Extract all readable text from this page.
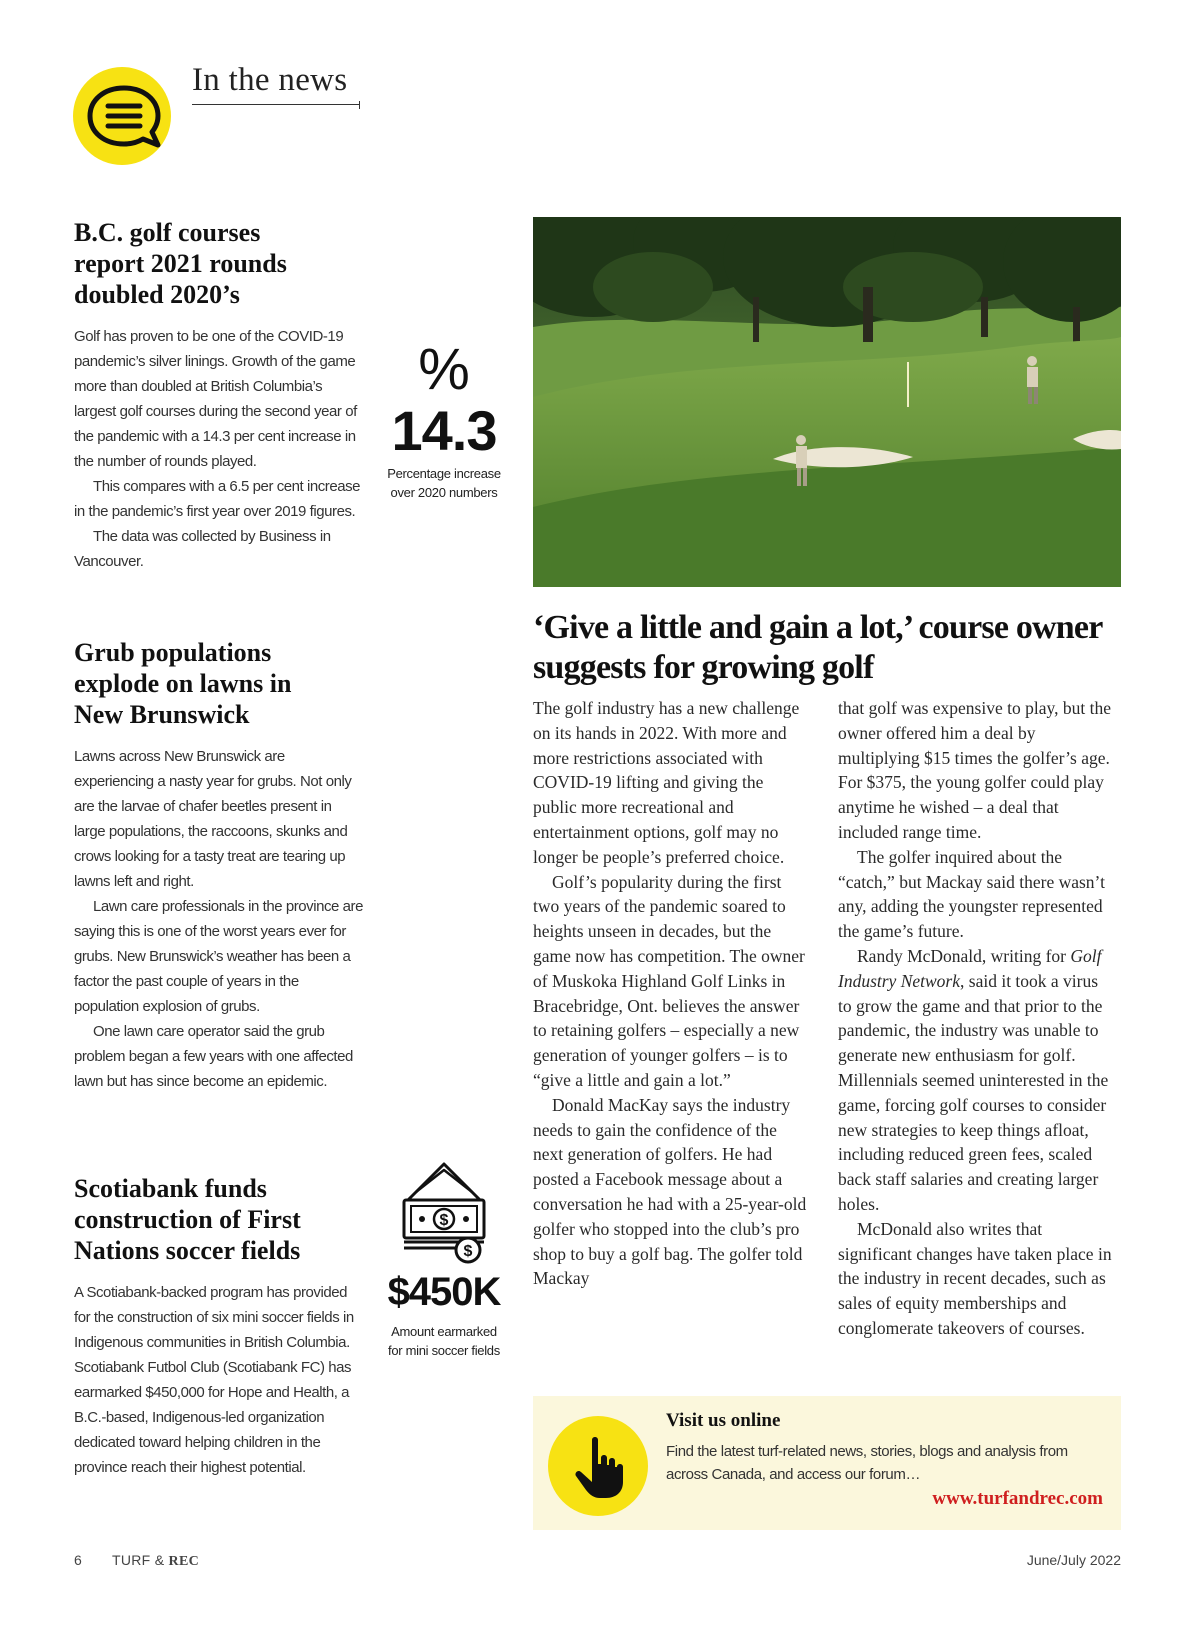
In the news
B.C. golf courses report 2021 rounds doubled 2020’s

Golf has proven to be one of the COVID-19 pandemic’s silver linings. Growth of the game more than doubled at British Columbia’s largest golf courses during the second year of the pandemic with a 14.3 per cent increase in the number of rounds played.

This compares with a 6.5 per cent increase in the pandemic’s first year over 2019 figures.

The data was collected by Business in Vancouver.

Grub populations explode on lawns in New Brunswick

Lawns across New Brunswick are experiencing a nasty year for grubs. Not only are the larvae of chafer beetles present in large populations, the raccoons, skunks and crows looking for a tasty treat are tearing up lawns left and right.

Lawn care professionals in the province are saying this is one of the worst years ever for grubs. New Brunswick’s weather has been a factor the past couple of years in the population explosion of grubs.

One lawn care operator said the grub problem began a few years with one affected lawn but has since become an epidemic.

Scotiabank funds construction of First Nations soccer fields

A Scotiabank-backed program has provided for the construction of six mini soccer fields in Indigenous communities in British Columbia. Scotiabank Futbol Club (Scotiabank FC) has earmarked $450,000 for Hope and Health, a B.C.-based, Indigenous-led organization dedicated toward helping children in the province reach their highest potential.

%
14.3
Percentage increase
over 2020 numbers
$
$
$450K
Amount earmarked
for mini soccer fields
‘Give a little and gain a lot,’ course owner suggests for growing golf

The golf industry has a new challenge on its hands in 2022. With more and more restrictions associated with COVID-19 lifting and giving the public more recreational and entertainment options, golf may no longer be people’s preferred choice.

Golf’s popularity during the first two years of the pandemic soared to heights unseen in decades, but the game now has competition. The owner of Muskoka Highland Golf Links in Bracebridge, Ont. believes the answer to retaining golfers – especially a new generation of younger golfers – is to “give a little and gain a lot.”

Donald MacKay says the industry needs to gain the confidence of the next generation of golfers. He had posted a Facebook message about a conversation he had with a 25-year-old golfer who stopped into the club’s pro shop to buy a golf bag. The golfer told Mackay

that golf was expensive to play, but the owner offered him a deal by multiplying $15 times the golfer’s age. For $375, the young golfer could play anytime he wished – a deal that included range time.

The golfer inquired about the “catch,” but Mackay said there wasn’t any, adding the youngster represented the game’s future.

Randy McDonald, writing for Golf Industry Network, said it took a virus to grow the game and that prior to the pandemic, the industry was unable to generate new enthusiasm for golf. Millennials seemed uninterested in the game, forcing golf courses to consider new strategies to keep things afloat, including reduced green fees, scaled back staff salaries and creating larger holes.

McDonald also writes that significant changes have taken place in the industry in recent decades, such as sales of equity memberships and conglomerate takeovers of courses.

Visit us online
Find the latest turf-related news, stories, blogs and analysis from across Canada, and access our forum…
www.turfandrec.com
6 TURF & REC	June/July 2022
